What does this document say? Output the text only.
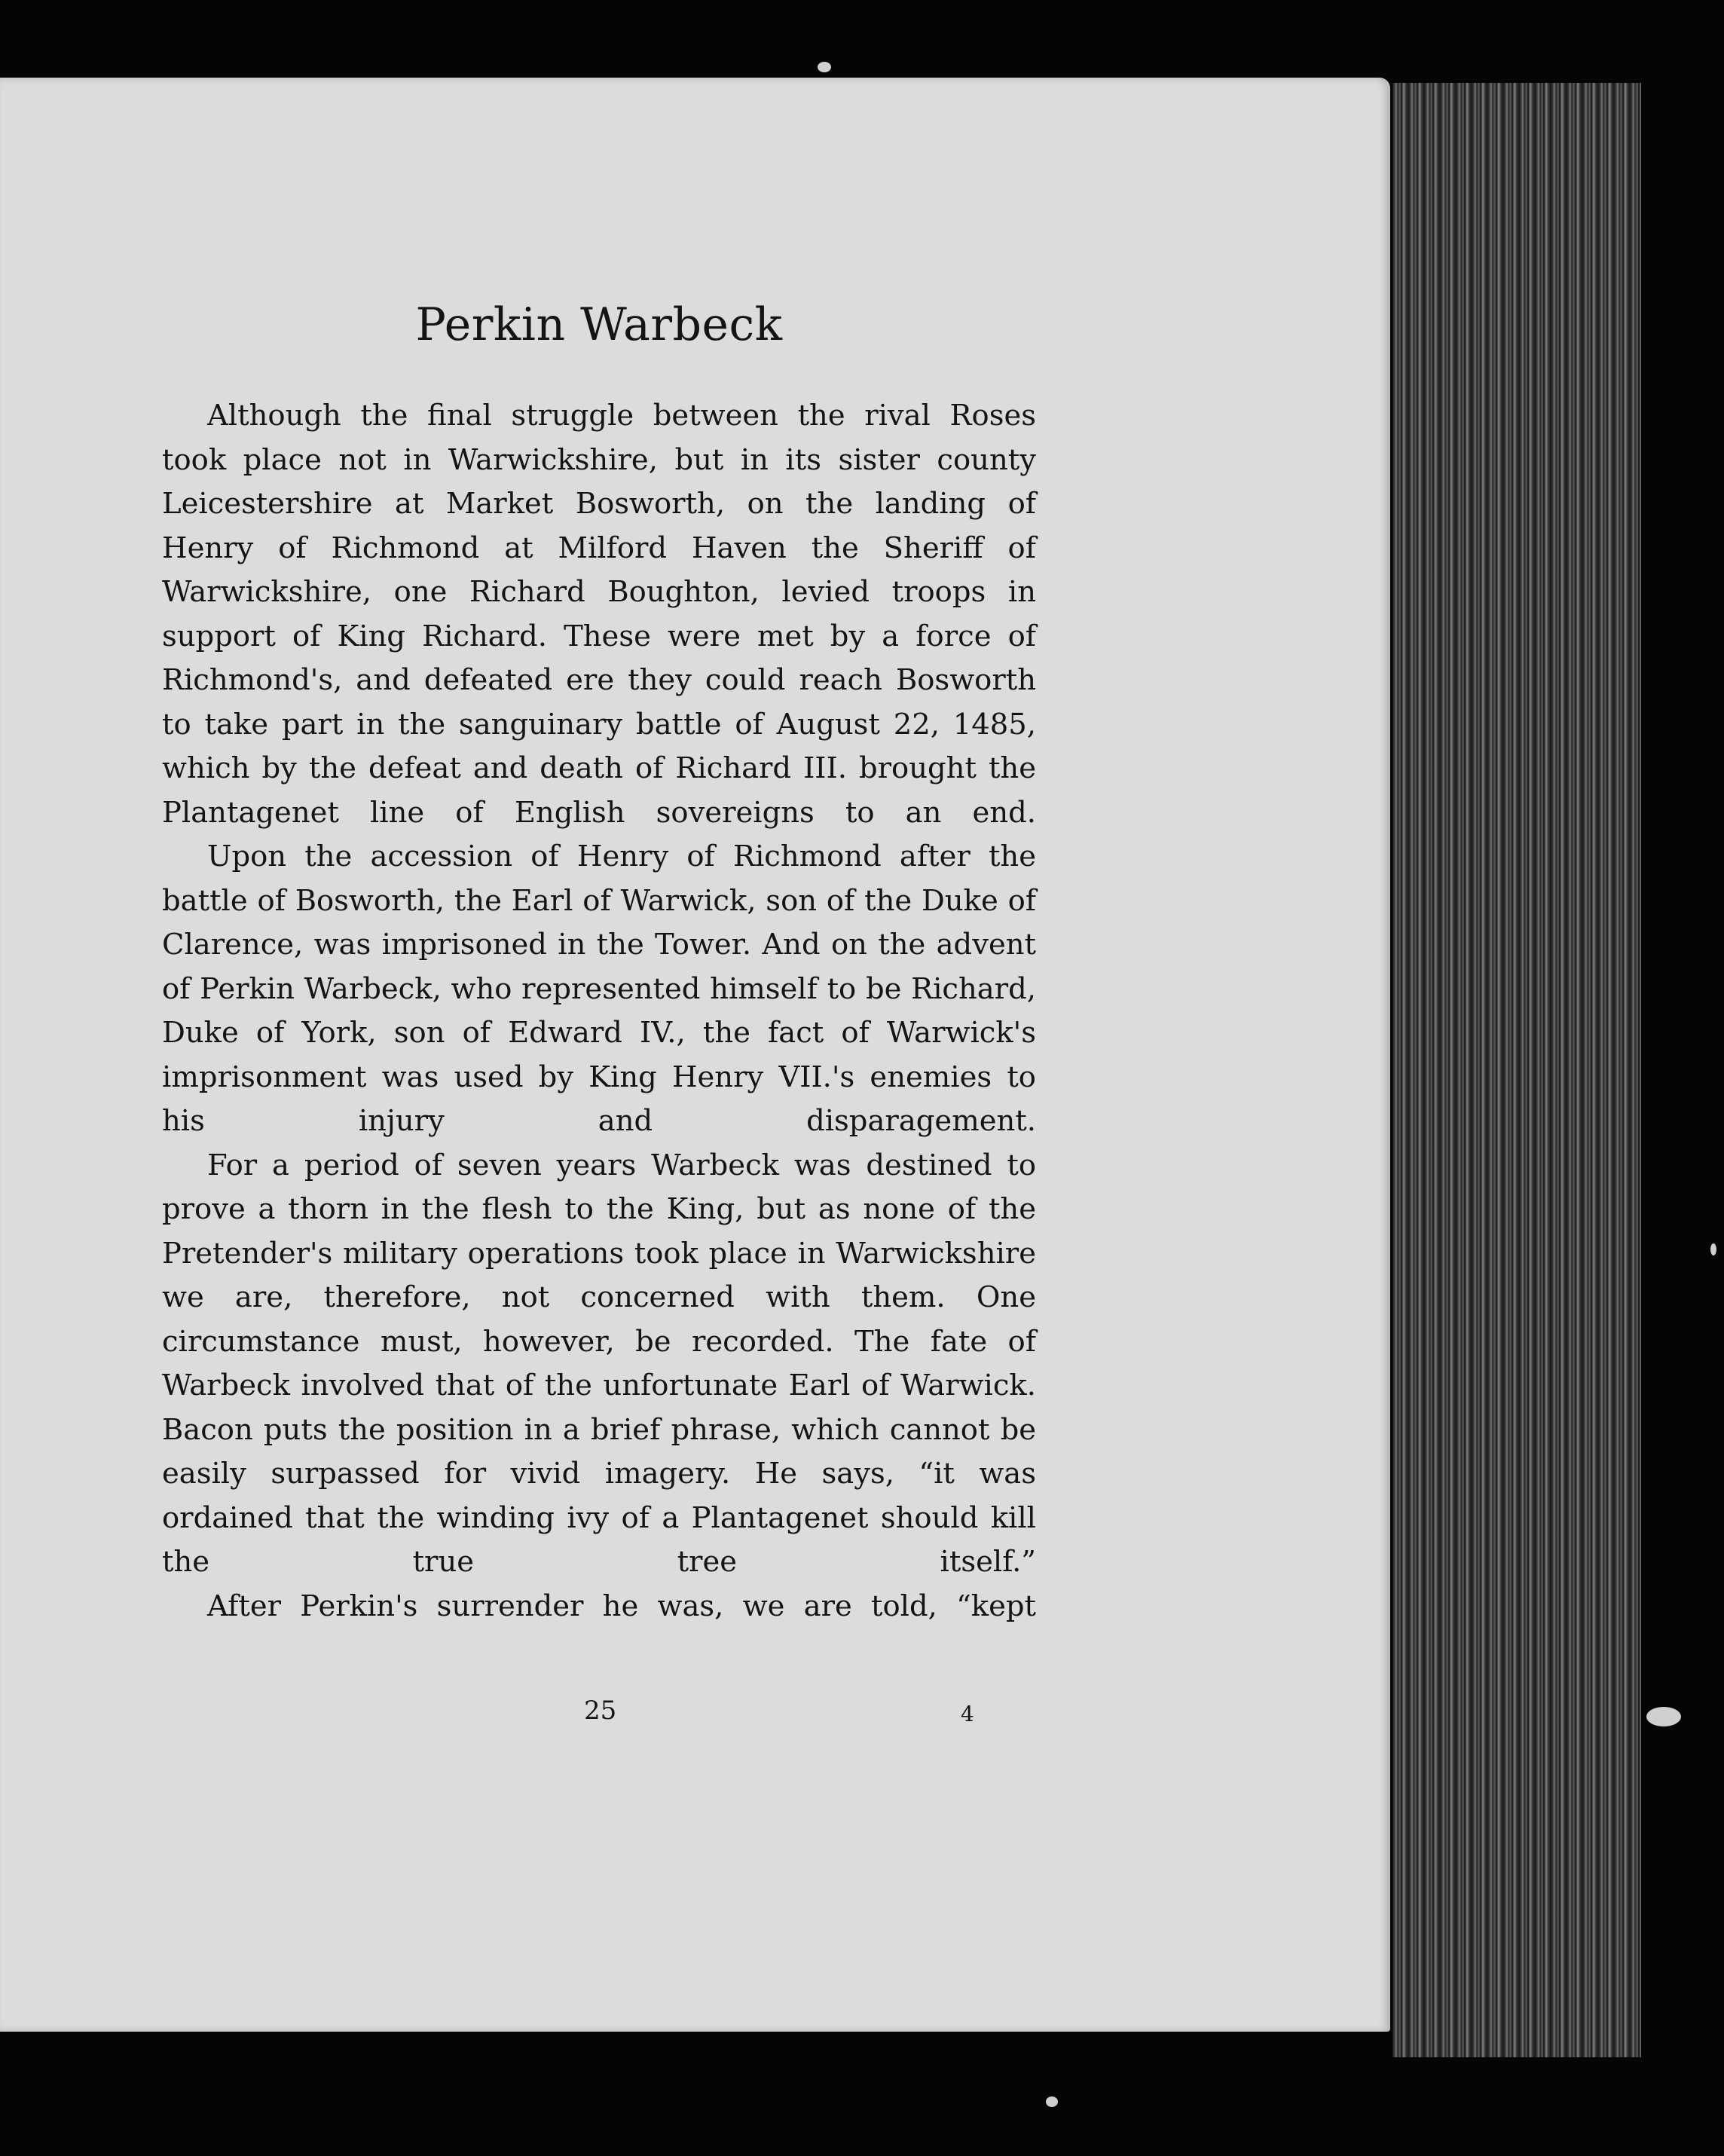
Perkin Warbeck

Although the final struggle between the rival Roses took place not in Warwickshire, but in its sister county Leicestershire at Market Bosworth, on the landing of Henry of Richmond at Milford Haven the Sheriff of Warwickshire, one Richard Boughton, levied troops in support of King Richard. These were met by a force of Richmond's, and defeated ere they could reach Bosworth to take part in the sanguinary battle of August 22, 1485, which by the defeat and death of Richard III. brought the Plantagenet line of English sovereigns to an end.

Upon the accession of Henry of Richmond after the battle of Bosworth, the Earl of Warwick, son of the Duke of Clarence, was imprisoned in the Tower. And on the advent of Perkin Warbeck, who represented himself to be Richard, Duke of York, son of Edward IV., the fact of Warwick's imprisonment was used by King Henry VII.'s enemies to his injury and disparagement.

For a period of seven years Warbeck was destined to prove a thorn in the flesh to the King, but as none of the Pretender's military operations took place in Warwickshire we are, therefore, not concerned with them. One circumstance must, however, be recorded. The fate of Warbeck involved that of the unfortunate Earl of Warwick. Bacon puts the position in a brief phrase, which cannot be easily surpassed for vivid imagery. He says, “it was ordained that the winding ivy of a Plantagenet should kill the true tree itself.”

After Perkin's surrender he was, we are told, “kept

25	4
